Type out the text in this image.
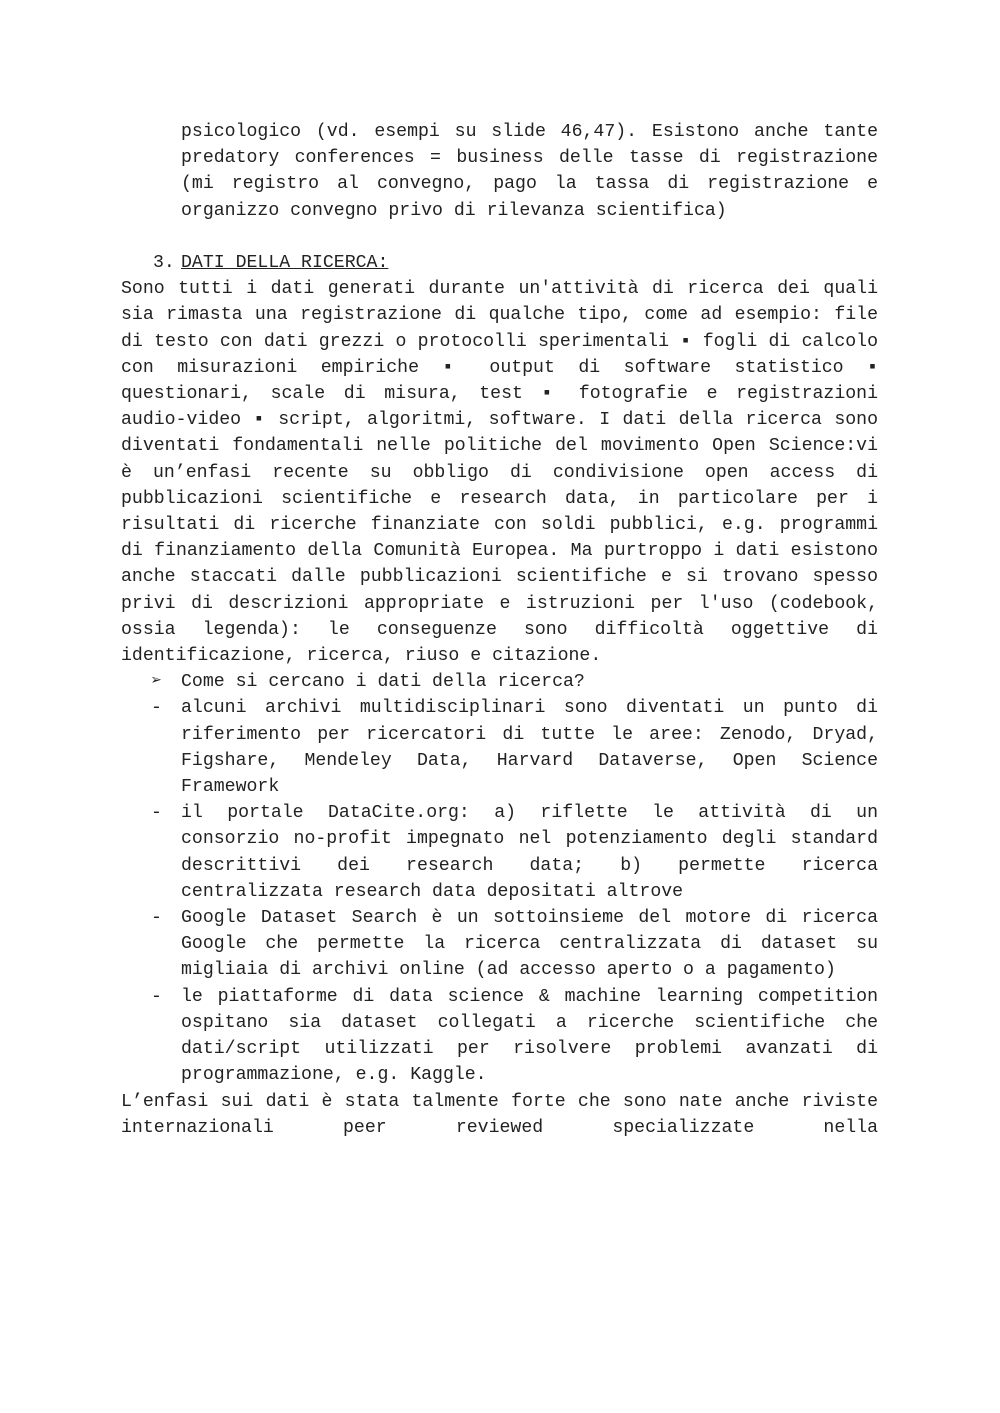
psicologico (vd. esempi su slide 46,47). Esistono anche tante predatory conferences = business delle tasse di registrazione (mi registro al convegno, pago la tassa di registrazione e organizzo convegno privo di rilevanza scientifica)

3. DATI DELLA RICERCA:

Sono tutti i dati generati durante un'attività di ricerca dei quali sia rimasta una registrazione di qualche tipo, come ad esempio: file di testo con dati grezzi o protocolli sperimentali ▪ fogli di calcolo con misurazioni empiriche ▪ output di software statistico ▪ questionari, scale di misura, test ▪ fotografie e registrazioni audio-video ▪ script, algoritmi, software. I dati della ricerca sono diventati fondamentali nelle politiche del movimento Open Science:vi è un’enfasi recente su obbligo di condivisione open access di pubblicazioni scientifiche e research data, in particolare per i risultati di ricerche finanziate con soldi pubblici, e.g. programmi di finanziamento della Comunità Europea. Ma purtroppo i dati esistono anche staccati dalle pubblicazioni scientifiche e si trovano spesso privi di descrizioni appropriate e istruzioni per l'uso (codebook, ossia legenda): le conseguenze sono difficoltà oggettive di identificazione, ricerca, riuso e citazione.

➢	Come si cercano i dati della ricerca?
-	alcuni archivi multidisciplinari sono diventati un punto di riferimento per ricercatori di tutte le aree: Zenodo, Dryad, Figshare, Mendeley Data, Harvard Dataverse, Open Science Framework
-	il portale DataCite.org: a) riflette le attività di un consorzio no-profit impegnato nel potenziamento degli standard descrittivi dei research data; b) permette ricerca centralizzata research data depositati altrove
-	Google Dataset Search è un sottoinsieme del motore di ricerca Google che permette la ricerca centralizzata di dataset su migliaia di archivi online (ad accesso aperto o a pagamento)
-	le piattaforme di data science & machine learning competition ospitano sia dataset collegati a ricerche scientifiche che dati/script utilizzati per risolvere problemi avanzati di programmazione, e.g. Kaggle.

L’enfasi sui dati è stata talmente forte che sono nate anche riviste internazionali peer reviewed specializzate nella
